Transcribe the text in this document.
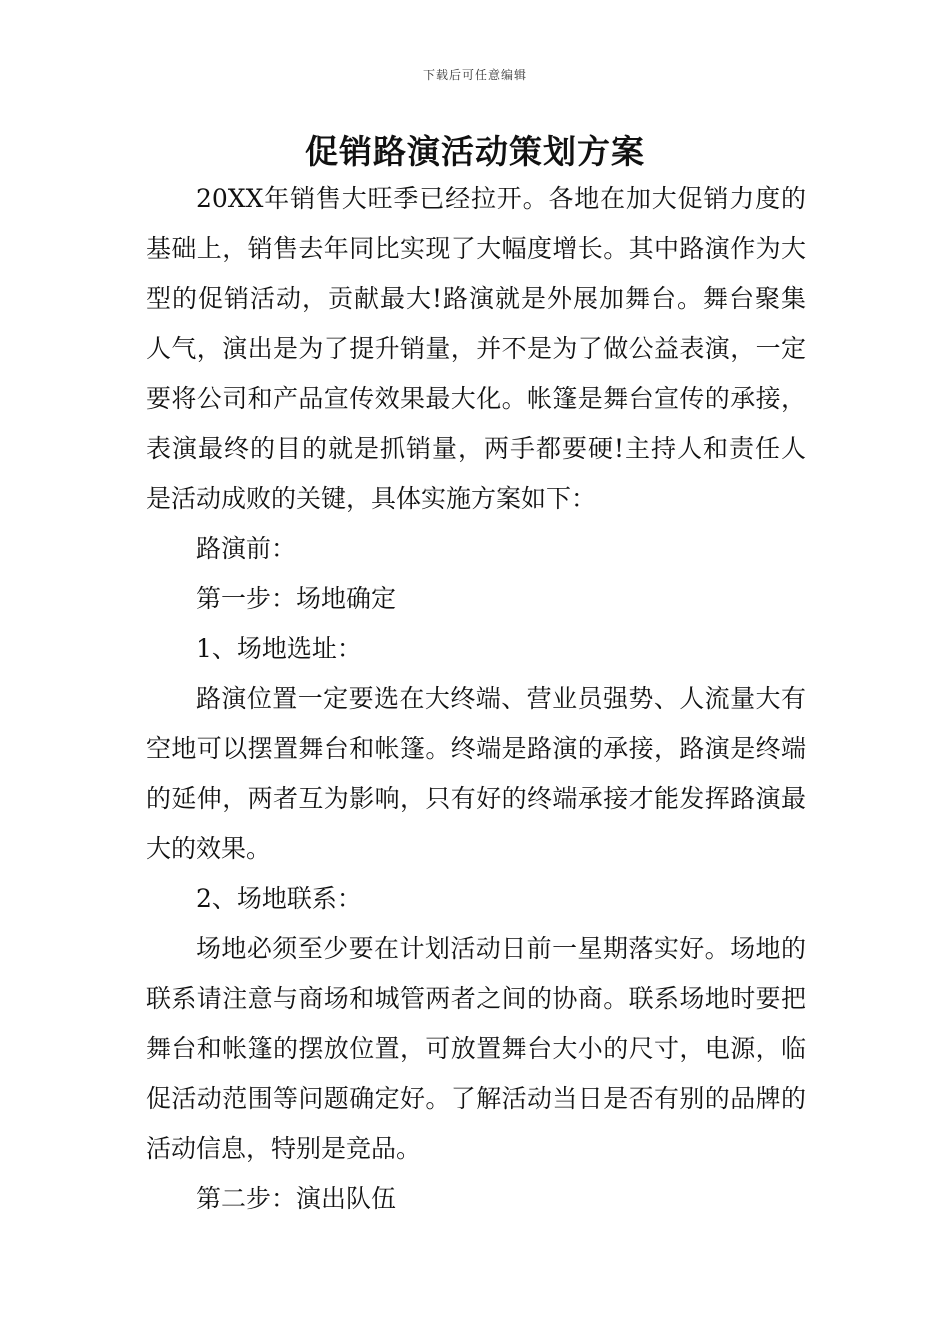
下载后可任意编辑
促销路演活动策划方案

20XX年销售大旺季已经拉开。各地在加大促销力度的基础上，销售去年同比实现了大幅度增长。其中路演作为大型的促销活动，贡献最大!路演就是外展加舞台。舞台聚集人气，演出是为了提升销量，并不是为了做公益表演，一定要将公司和产品宣传效果最大化。帐篷是舞台宣传的承接，表演最终的目的就是抓销量，两手都要硬!主持人和责任人是活动成败的关键，具体实施方案如下：

路演前：

第一步：场地确定

1、场地选址：

路演位置一定要选在大终端、营业员强势、人流量大有空地可以摆置舞台和帐篷。终端是路演的承接，路演是终端的延伸，两者互为影响，只有好的终端承接才能发挥路演最大的效果。

2、场地联系：

场地必须至少要在计划活动日前一星期落实好。场地的联系请注意与商场和城管两者之间的协商。联系场地时要把舞台和帐篷的摆放位置，可放置舞台大小的尺寸，电源，临促活动范围等问题确定好。了解活动当日是否有别的品牌的活动信息，特别是竞品。

第二步：演出队伍
